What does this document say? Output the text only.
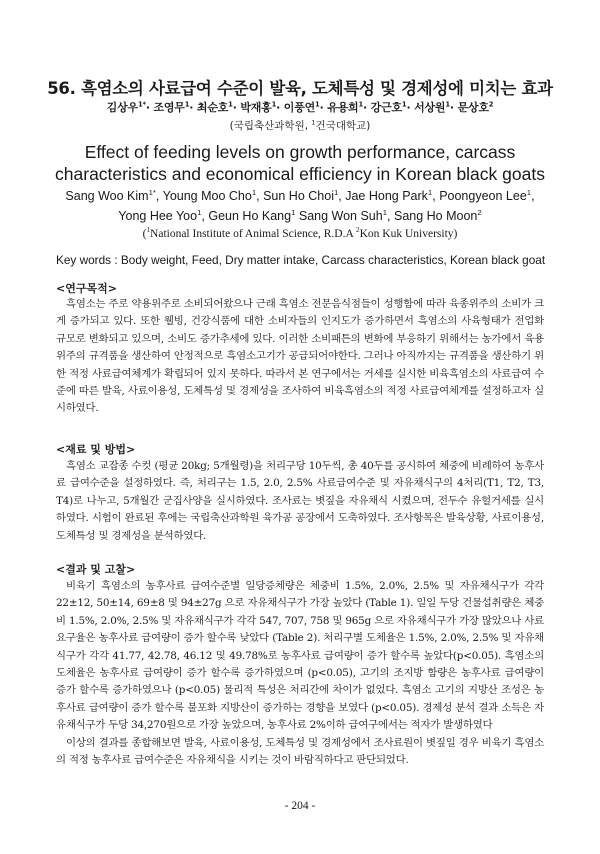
56. 흑염소의 사료급여 수준이 발육, 도체특성 및 경제성에 미치는 효과
김상우$^{1*}$· 조영무$^1$· 최순호$^1$· 박재홍$^1$· 이풍연$^1$· 유용희$^1$· 강근호$^1$· 서상원$^1$· 문상호$^2$
(국립축산과학원, $^1$건국대학교)
Effect of feeding levels on growth performance, carcass
characteristics and economical efficiency in Korean black goats
Sang Woo Kim$^{1*}$, Young Moo Cho$^1$, Sun Ho Choi$^1$, Jae Hong Park$^1$, Poongyeon Lee$^1$,
Yong Hee Yoo$^1$, Geun Ho Kang$^1$ Sang Won Suh$^1$, Sang Ho Moon$^2$
($^1$National Institute of Animal Science, R.D.A $^2$Kon Kuk University)
Key words : Body weight, Feed, Dry matter intake, Carcass characteristics, Korean black goat
<연구목적>

흑염소는 주로 약용위주로 소비되어왔으나 근래 흑염소 전문음식점들이 성행함에 따라 육종위주의 소비가 크게 증가되고 있다. 또한 웰빙, 건강식품에 대한 소비자들의 인지도가 증가하면서 흑염소의 사육형태가 전업화 규모로 변화되고 있으며, 소비도 증가추세에 있다. 이러한 소비패튼의 변화에 부응하기 위해서는 농가에서 육용위주의 규격품을 생산하여 안정적으로 흑염소고기가 공급되어야한다. 그러나 아직까지는 규격품을 생산하기 위한 적정 사료급여체계가 확립되어 있지 못하다. 따라서 본 연구에서는 거세를 실시한 비육흑염소의 사료급여 수준에 따른 발육, 사료이용성, 도체특성 및 경제성을 조사하여 비육흑염소의 적정 사료급여체계를 설정하고자 실시하였다.

<재료 및 방법>

흑염소 교잡종 수컷 (평균 20kg; 5개월령)을 처리구당 10두씩, 총 40두를 공시하여 체중에 비례하여 농후사료 급여수준을 설정하였다. 즉, 처리구는 1.5, 2.0, 2.5% 사료급여수준 및 자유채식구의 4처리(T1, T2, T3, T4)로 나누고, 5개월간 군집사양을 실시하였다. 조사료는 볏짚을 자유채식 시켰으며, 전두수 유헐거세를 실시하였다. 시험이 완료된 후에는 국립축산과학원 육가공 공장에서 도축하였다. 조사항목은 발육상황, 사료이용성, 도체특성 및 경제성을 분석하였다.

<결과 및 고찰>

비육기 흑염소의 농후사료 급여수준별 일당증체량은 체중비 1.5%, 2.0%, 2.5% 및 자유채식구가 각각 22±12, 50±14, 69±8 및 94±27g 으로 자유채식구가 가장 높았다 (Table 1). 일일 두당 건물섭취량은 체중비 1.5%, 2.0%, 2.5% 및 자유채식구가 각각 547, 707, 758 및 965g 으로 자유채식구가 가장 많았으나 사료요구율은 농후사료 급여량이 증가 할수록 낮았다 (Table 2). 처리구별 도체율은 1.5%, 2.0%, 2.5% 및 자유채식구가 각각 41.77, 42.78, 46.12 및 49.78%로 농후사료 급여량이 증가 할수록 높았다(p<0.05). 흑염소의 도체율은 농후사료 급여량이 증가 할수록 증가하였으며 (p<0.05), 고기의 조지방 함량은 농후사료 급여량이 증가 할수록 증가하였으나 (p<0.05) 물리적 특성은 처리간에 차이가 없었다. 흑염소 고기의 지방산 조성은 농후사료 급여량이 증가 할수록 불포화 지방산이 증가하는 경향을 보였다 (p<0.05). 경제성 분석 결과 소득은 자유채식구가 두당 34,270원으로 가장 높았으며, 농후사료 2%이하 급여구에서는 적자가 발생하였다

이상의 결과를 종합해보면 발육, 사료이용성, 도체특성 및 경제성에서 조사료원이 볏짚일 경우 비육기 흑염소의 적정 농후사료 급여수준은 자유채식을 시키는 것이 바람직하다고 판단되었다.

- 204 -
